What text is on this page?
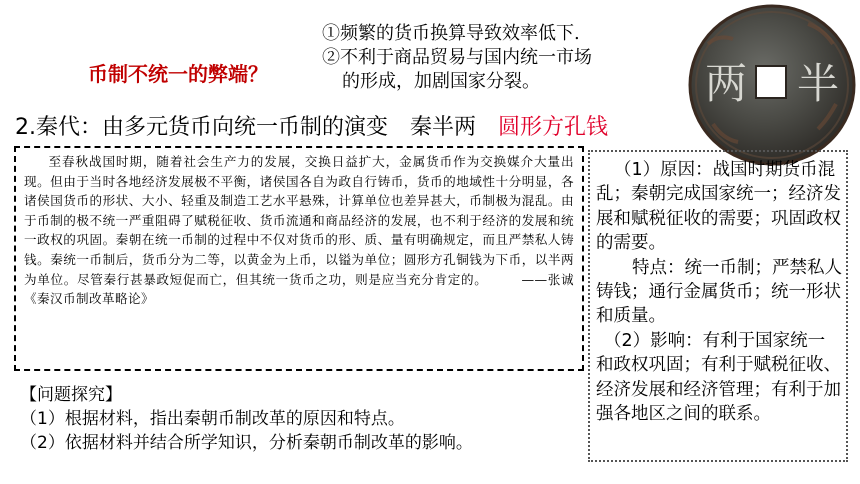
币制不统一的弊端？
①频繁的货币换算导致效率低下.
②不利于商品贸易与国内统一市场
的形成，加剧国家分裂。	两 半
2.秦代：由多元货币向统一币制的演变　秦半两　圆形方孔钱
至春秋战国时期，随着社会生产力的发展，交换日益扩大，金属货币作为交换媒介大量出现。但由于当时各地经济发展极不平衡，诸侯国各自为政自行铸币，货币的地域性十分明显，各诸侯国货币的形状、大小、轻重及制造工艺水平悬殊，计算单位也差异甚大，币制极为混乱。由于币制的极不统一严重阻碍了赋税征收、货币流通和商品经济的发展，也不利于经济的发展和统一政权的巩固。秦朝在统一币制的过程中不仅对货币的形、质、量有明确规定，而且严禁私人铸钱。秦统一币制后，货币分为二等，以黄金为上币，以镒为单位；圆形方孔铜钱为下币，以半两为单位。尽管秦行甚暴政短促而亡，但其统一货币之功，则是应当充分肯定的。	——张诚《秦汉币制改革略论》

（1）原因：战国时期货币混乱；秦朝完成国家统一；经济发展和赋税征收的需要；巩固政权的需要。

特点：统一币制；严禁私人铸钱；通行金属货币；统一形状和质量。

（2）影响：有利于国家统一和政权巩固；有利于赋税征收、经济发展和经济管理；有利于加强各地区之间的联系。

【问题探究】
（1）根据材料，指出秦朝币制改革的原因和特点。
（2）依据材料并结合所学知识，分析秦朝币制改革的影响。
